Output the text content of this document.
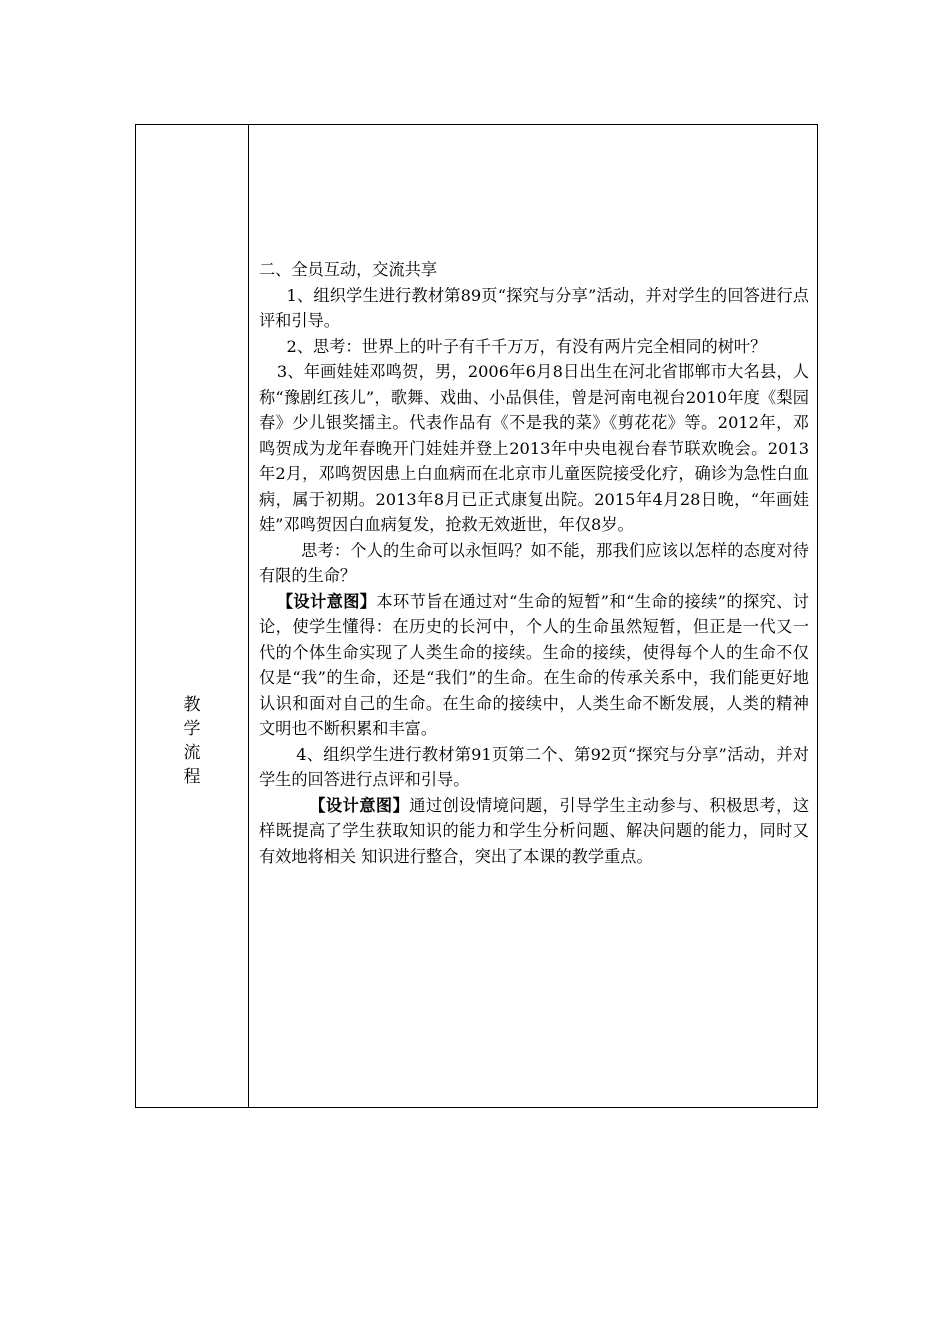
教
学
流
程

二、全员互动，交流共享

1、组织学生进行教材第89页“探究与分享”活动，并对学生的回答进行点评和引导。

2、思考：世界上的叶子有千千万万，有没有两片完全相同的树叶？

3、年画娃娃邓鸣贺，男，2006年6月8日出生在河北省邯郸市大名县，人称“豫剧红孩儿”，歌舞、戏曲、小品俱佳，曾是河南电视台2010年度《梨园春》少儿银奖擂主。代表作品有《不是我的菜》《剪花花》等。2012年，邓鸣贺成为龙年春晚开门娃娃并登上2013年中央电视台春节联欢晚会。2013年2月，邓鸣贺因患上白血病而在北京市儿童医院接受化疗，确诊为急性白血病，属于初期。2013年8月已正式康复出院。2015年4月28日晚，“年画娃娃”邓鸣贺因白血病复发，抢救无效逝世，年仅8岁。

思考：个人的生命可以永恒吗？如不能，那我们应该以怎样的态度对待有限的生命？

【设计意图】本环节旨在通过对“生命的短暂”和“生命的接续”的探究、讨论，使学生懂得：在历史的长河中，个人的生命虽然短暂，但正是一代又一代的个体生命实现了人类生命的接续。生命的接续，使得每个人的生命不仅仅是“我”的生命，还是“我们”的生命。在生命的传承关系中，我们能更好地认识和面对自己的生命。在生命的接续中，人类生命不断发展，人类的精神文明也不断积累和丰富。

4、组织学生进行教材第91页第二个、第92页“探究与分享”活动，并对学生的回答进行点评和引导。

【设计意图】通过创设情境问题，引导学生主动参与、积极思考，这样既提高了学生获取知识的能力和学生分析问题、解决问题的能力，同时又有效地将相关 知识进行整合，突出了本课的教学重点。
